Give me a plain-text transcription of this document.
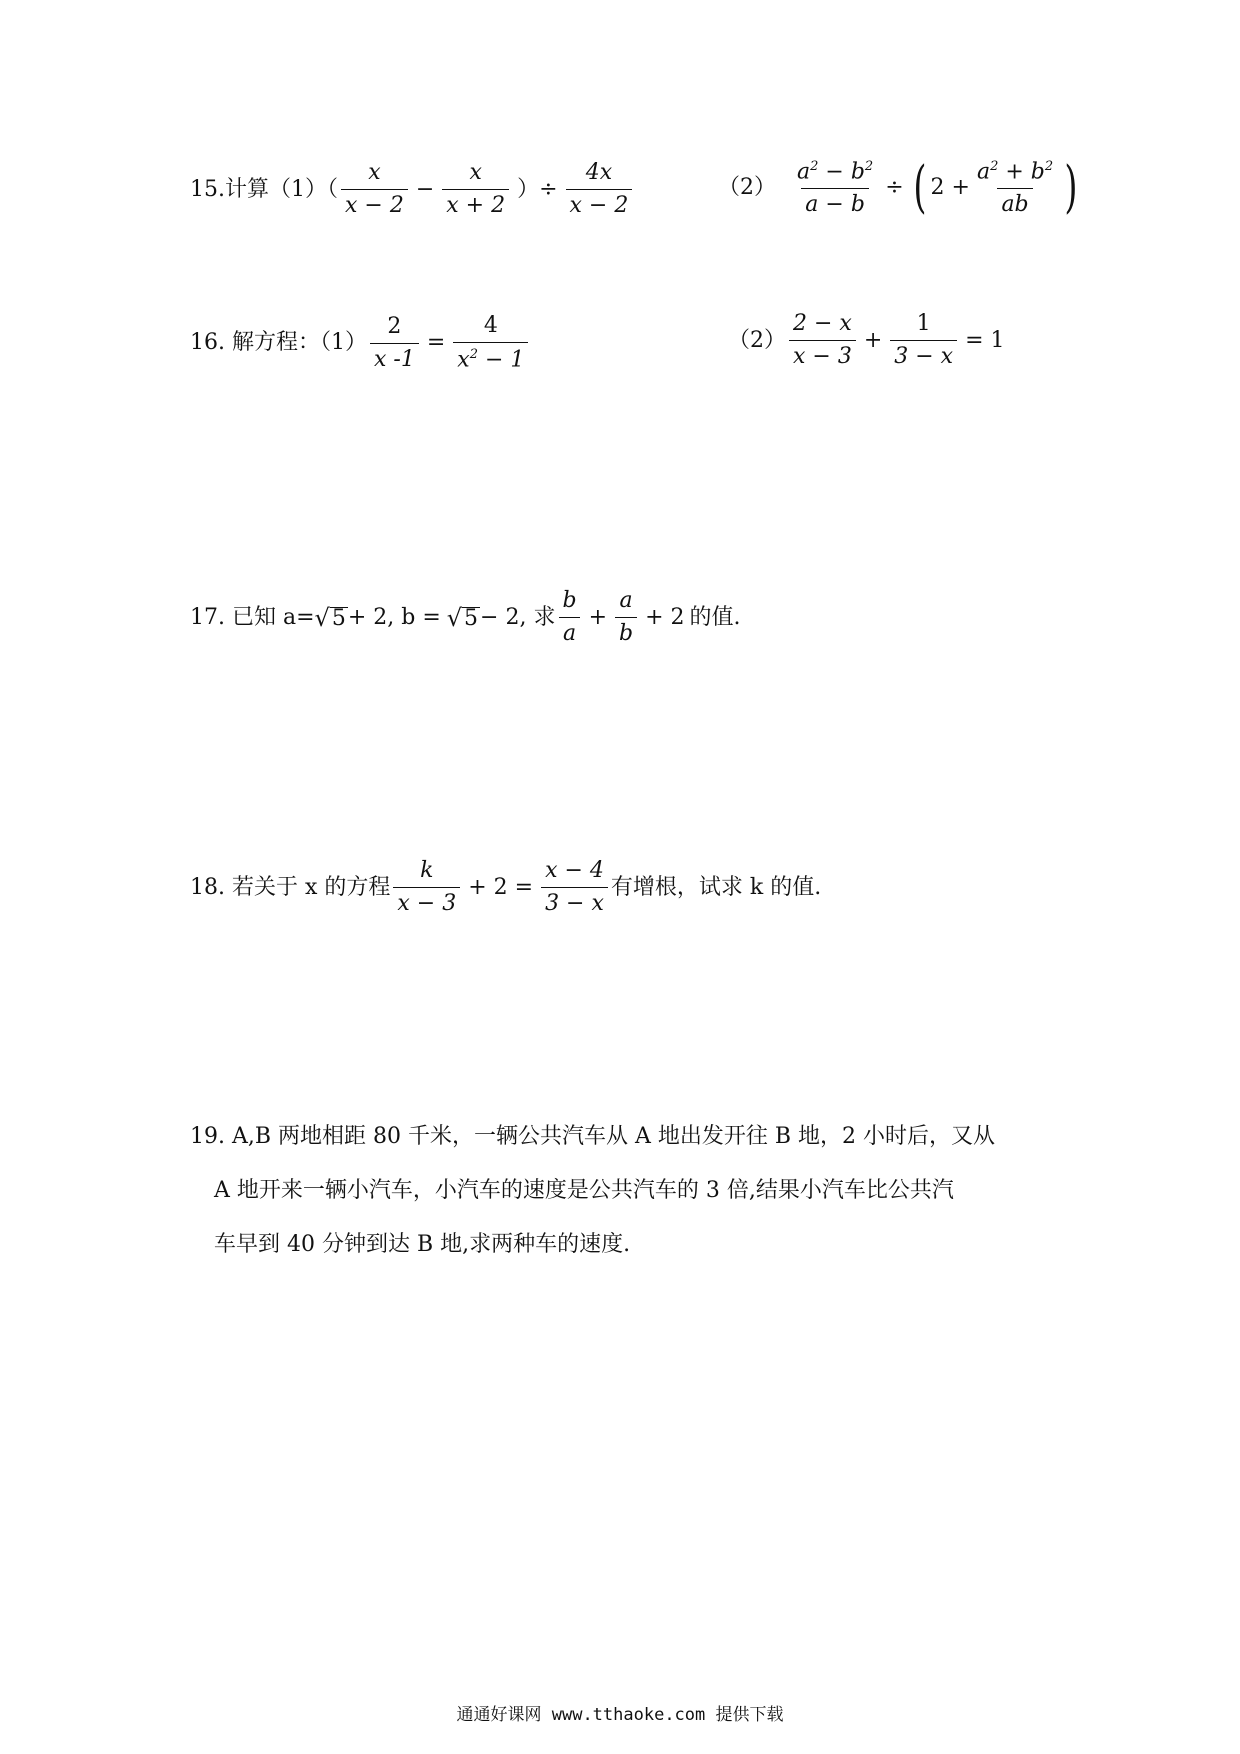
15.计算$(1)( \frac{x}{x - 2} - \frac{x}{x + 2}$ ）÷ $\frac{4x}{x - 2}$	$(2) \frac{a^2 - b^2}{a - b}$ ÷ ( $2 + \frac{a^2 + b^2}{ab}$ )
16. 解方程：$(1) \frac{2}{x -1} = \frac{4}{x^2 - 1}$	$(2) \frac{2 - x}{x - 3} + \frac{1}{3 - x} = 1$
17. 已知 a= √ 5 + 2, b = √ 5 − 2 , 求 $\frac{b}{a} + \frac{a}{b} + 2$ 的值.
18. 若关于 x 的方程 $\frac{k}{x - 3} + 2 = \frac{x - 4}{3 - x}$ 有增根，试求 k 的值.
19. A,B 两地相距 80 千米，一辆公共汽车从 A 地出发开往 B 地，2 小时后，又从
A 地开来一辆小汽车，小汽车的速度是公共汽车的 3 倍,结果小汽车比公共汽
车早到 40 分钟到达 B 地,求两种车的速度.
通通好课网 www.tthaoke.com 提供下载
